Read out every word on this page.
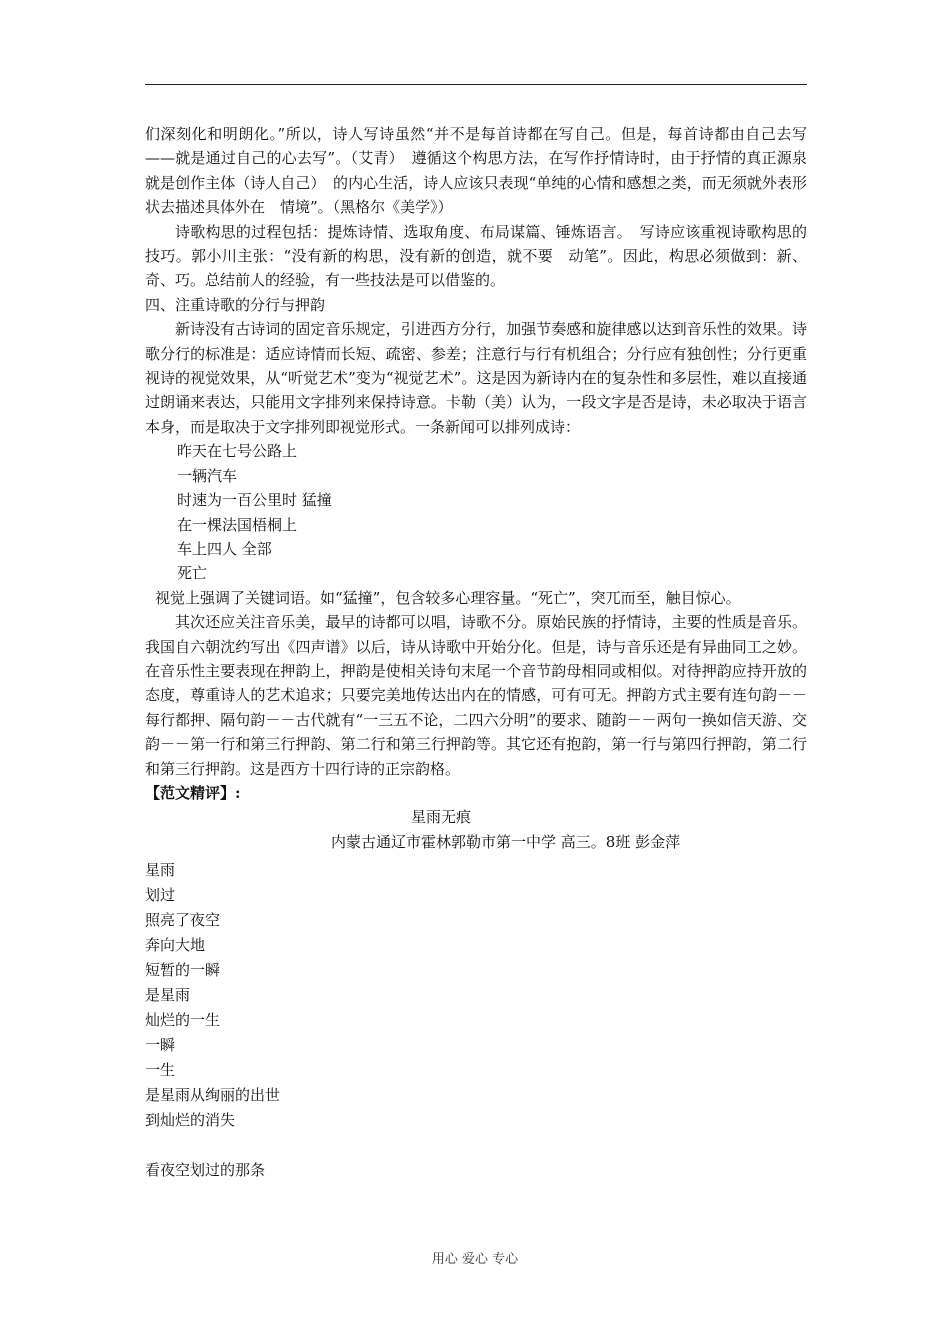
们深刻化和明朗化。”所以，诗人写诗虽然“并不是每首诗都在写自己。但是，每首诗都由自己去写——就是通过自己的心去写”。（艾青）　遵循这个构思方法，在写作抒情诗时，由于抒情的真正源泉就是创作主体（诗人自己）　的内心生活，诗人应该只表现“单纯的心情和感想之类，而无须就外表形状去描述具体外在　情境”。（黑格尔《美学》）

诗歌构思的过程包括：提炼诗情、选取角度、布局谋篇、锤炼语言。　写诗应该重视诗歌构思的技巧。郭小川主张：“没有新的构思，没有新的创造，就不要　动笔”。因此，构思必须做到：新、奇、巧。总结前人的经验，有一些技法是可以借鉴的。

四、注重诗歌的分行与押韵

新诗没有古诗词的固定音乐规定，引进西方分行，加强节奏感和旋律感以达到音乐性的效果。诗歌分行的标准是：适应诗情而长短、疏密、参差；注意行与行有机组合；分行应有独创性；分行更重视诗的视觉效果，从“听觉艺术”变为“视觉艺术”。这是因为新诗内在的复杂性和多层性，难以直接通过朗诵来表达，只能用文字排列来保持诗意。卡勒（美）认为，一段文字是否是诗，未必取决于语言本身，而是取决于文字排列即视觉形式。一条新闻可以排列成诗：

昨天在七号公路上
一辆汽车
时速为一百公里时 猛撞
在一棵法国梧桐上
车上四人 全部
死亡

视觉上强调了关键词语。如“猛撞”，包含较多心理容量。“死亡”，突兀而至，触目惊心。

其次还应关注音乐美，最早的诗都可以唱，诗歌不分。原始民族的抒情诗，主要的性质是音乐。我国自六朝沈约写出《四声谱》以后，诗从诗歌中开始分化。但是，诗与音乐还是有异曲同工之妙。在音乐性主要表现在押韵上，押韵是使相关诗句末尾一个音节韵母相同或相似。对待押韵应持开放的态度，尊重诗人的艺术追求；只要完美地传达出内在的情感，可有可无。押韵方式主要有连句韵－－每行都押、隔句韵－－古代就有“一三五不论，二四六分明”的要求、随韵－－两句一换如信天游、交韵－－第一行和第三行押韵、第二行和第三行押韵等。其它还有抱韵，第一行与第四行押韵，第二行和第三行押韵。这是西方十四行诗的正宗韵格。

【范文精评】:

星雨无痕

内蒙古通辽市霍林郭勒市第一中学 高三。8班 彭金萍

星雨
划过
照亮了夜空
奔向大地
短暂的一瞬
是星雨
灿烂的一生
一瞬
一生
是星雨从绚丽的出世
到灿烂的消失
看夜空划过的那条
用心 爱心 专心
